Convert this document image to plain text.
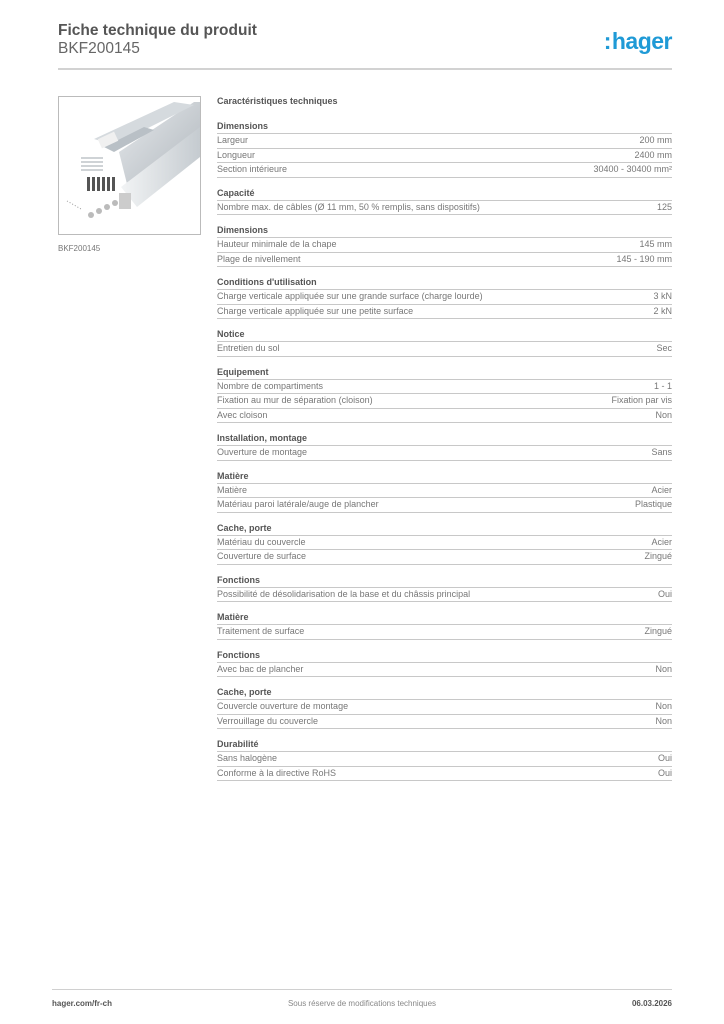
Fiche technique du produit
BKF200145	:hager
BKF200145
Caractéristiques techniques
Dimensions
Largeur	200 mm
Longueur	2400 mm
Section intérieure	30400 - 30400 mm²
Capacité
Nombre max. de câbles (Ø 11 mm, 50 % remplis, sans dispositifs)	125
Dimensions
Hauteur minimale de la chape	145 mm
Plage de nivellement	145 - 190 mm
Conditions d'utilisation
Charge verticale appliquée sur une grande surface (charge lourde)	3 kN
Charge verticale appliquée sur une petite surface	2 kN
Notice
Entretien du sol	Sec
Equipement
Nombre de compartiments	1 - 1
Fixation au mur de séparation (cloison)	Fixation par vis
Avec cloison	Non
Installation, montage
Ouverture de montage	Sans
Matière
Matière	Acier
Matériau paroi latérale/auge de plancher	Plastique
Cache, porte
Matériau du couvercle	Acier
Couverture de surface	Zingué
Fonctions
Possibilité de désolidarisation de la base et du châssis principal	Oui
Matière
Traitement de surface	Zingué
Fonctions
Avec bac de plancher	Non
Cache, porte
Couvercle ouverture de montage	Non
Verrouillage du couvercle	Non
Durabilité
Sans halogène	Oui
Conforme à la directive RoHS	Oui
hager.com/fr-ch	Sous réserve de modifications techniques	06.03.2026
